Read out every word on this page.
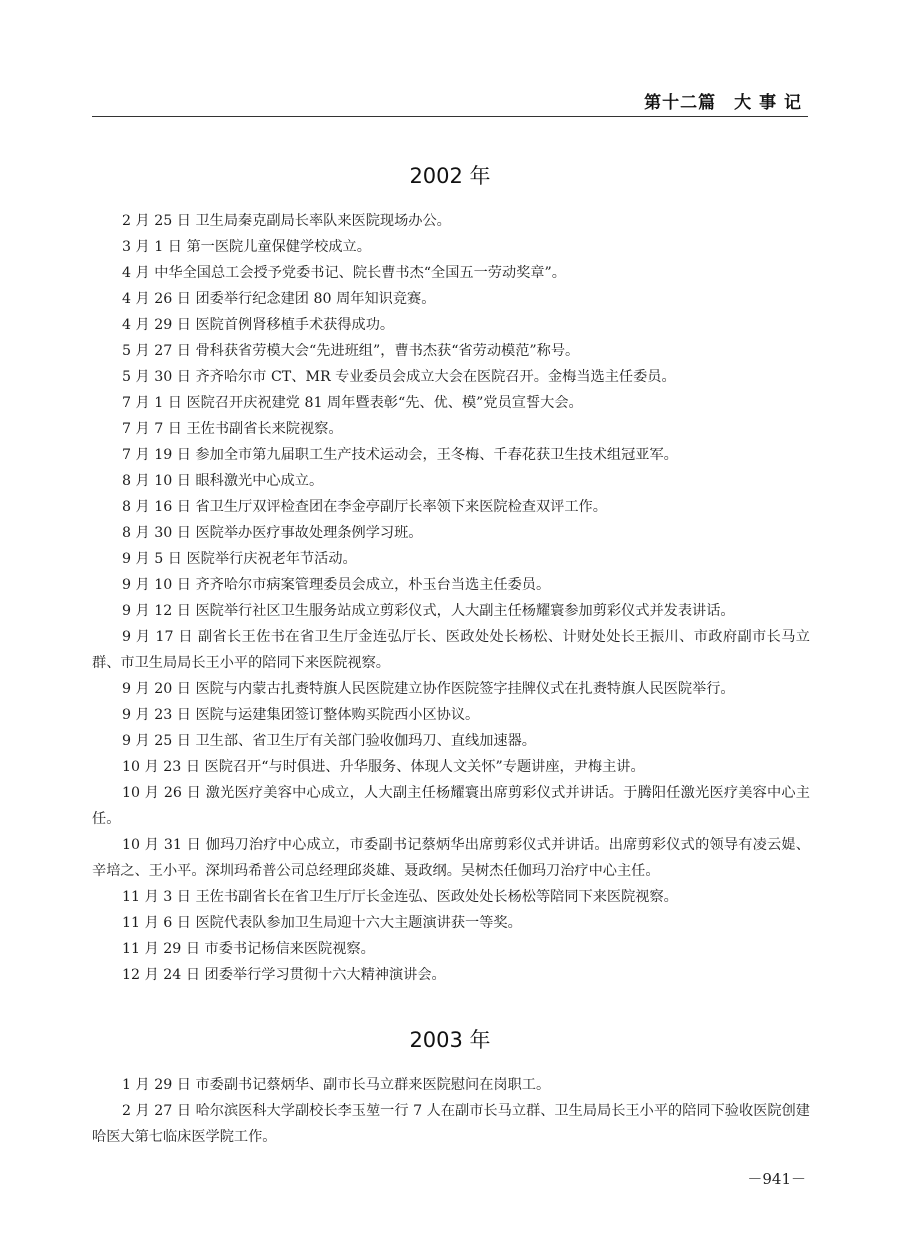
第十二篇　大 事 记
2002 年

2 月 25 日 卫生局秦克副局长率队来医院现场办公。

3 月 1 日 第一医院儿童保健学校成立。

4 月 中华全国总工会授予党委书记、院长曹书杰“全国五一劳动奖章”。

4 月 26 日 团委举行纪念建团 80 周年知识竞赛。

4 月 29 日 医院首例肾移植手术获得成功。

5 月 27 日 骨科获省劳模大会“先进班组”，曹书杰获“省劳动模范”称号。

5 月 30 日 齐齐哈尔市 CT、MR 专业委员会成立大会在医院召开。金梅当选主任委员。

7 月 1 日 医院召开庆祝建党 81 周年暨表彰“先、优、模”党员宣誓大会。

7 月 7 日 王佐书副省长来院视察。

7 月 19 日 参加全市第九届职工生产技术运动会，王冬梅、千春花获卫生技术组冠亚军。

8 月 10 日 眼科激光中心成立。

8 月 16 日 省卫生厅双评检查团在李金亭副厅长率领下来医院检查双评工作。

8 月 30 日 医院举办医疗事故处理条例学习班。

9 月 5 日 医院举行庆祝老年节活动。

9 月 10 日 齐齐哈尔市病案管理委员会成立，朴玉台当选主任委员。

9 月 12 日 医院举行社区卫生服务站成立剪彩仪式，人大副主任杨耀寰参加剪彩仪式并发表讲话。

9 月 17 日 副省长王佐书在省卫生厅金连弘厅长、医政处处长杨松、计财处处长王振川、市政府副市长马立群、市卫生局局长王小平的陪同下来医院视察。

9 月 20 日 医院与内蒙古扎赉特旗人民医院建立协作医院签字挂牌仪式在扎赉特旗人民医院举行。

9 月 23 日 医院与运建集团签订整体购买院西小区协议。

9 月 25 日 卫生部、省卫生厅有关部门验收伽玛刀、直线加速器。

10 月 23 日 医院召开“与时俱进、升华服务、体现人文关怀”专题讲座，尹梅主讲。

10 月 26 日 激光医疗美容中心成立，人大副主任杨耀寰出席剪彩仪式并讲话。于腾阳任激光医疗美容中心主任。

10 月 31 日 伽玛刀治疗中心成立，市委副书记蔡炳华出席剪彩仪式并讲话。出席剪彩仪式的领导有凌云媞、辛培之、王小平。深圳玛希普公司总经理邱炎雄、聂政纲。吴树杰任伽玛刀治疗中心主任。

11 月 3 日 王佐书副省长在省卫生厅厅长金连弘、医政处处长杨松等陪同下来医院视察。

11 月 6 日 医院代表队参加卫生局迎十六大主题演讲获一等奖。

11 月 29 日 市委书记杨信来医院视察。

12 月 24 日 团委举行学习贯彻十六大精神演讲会。

2003 年

1 月 29 日 市委副书记蔡炳华、副市长马立群来医院慰问在岗职工。

2 月 27 日 哈尔滨医科大学副校长李玉堃一行 7 人在副市长马立群、卫生局局长王小平的陪同下验收医院创建哈医大第七临床医学院工作。

－941－
